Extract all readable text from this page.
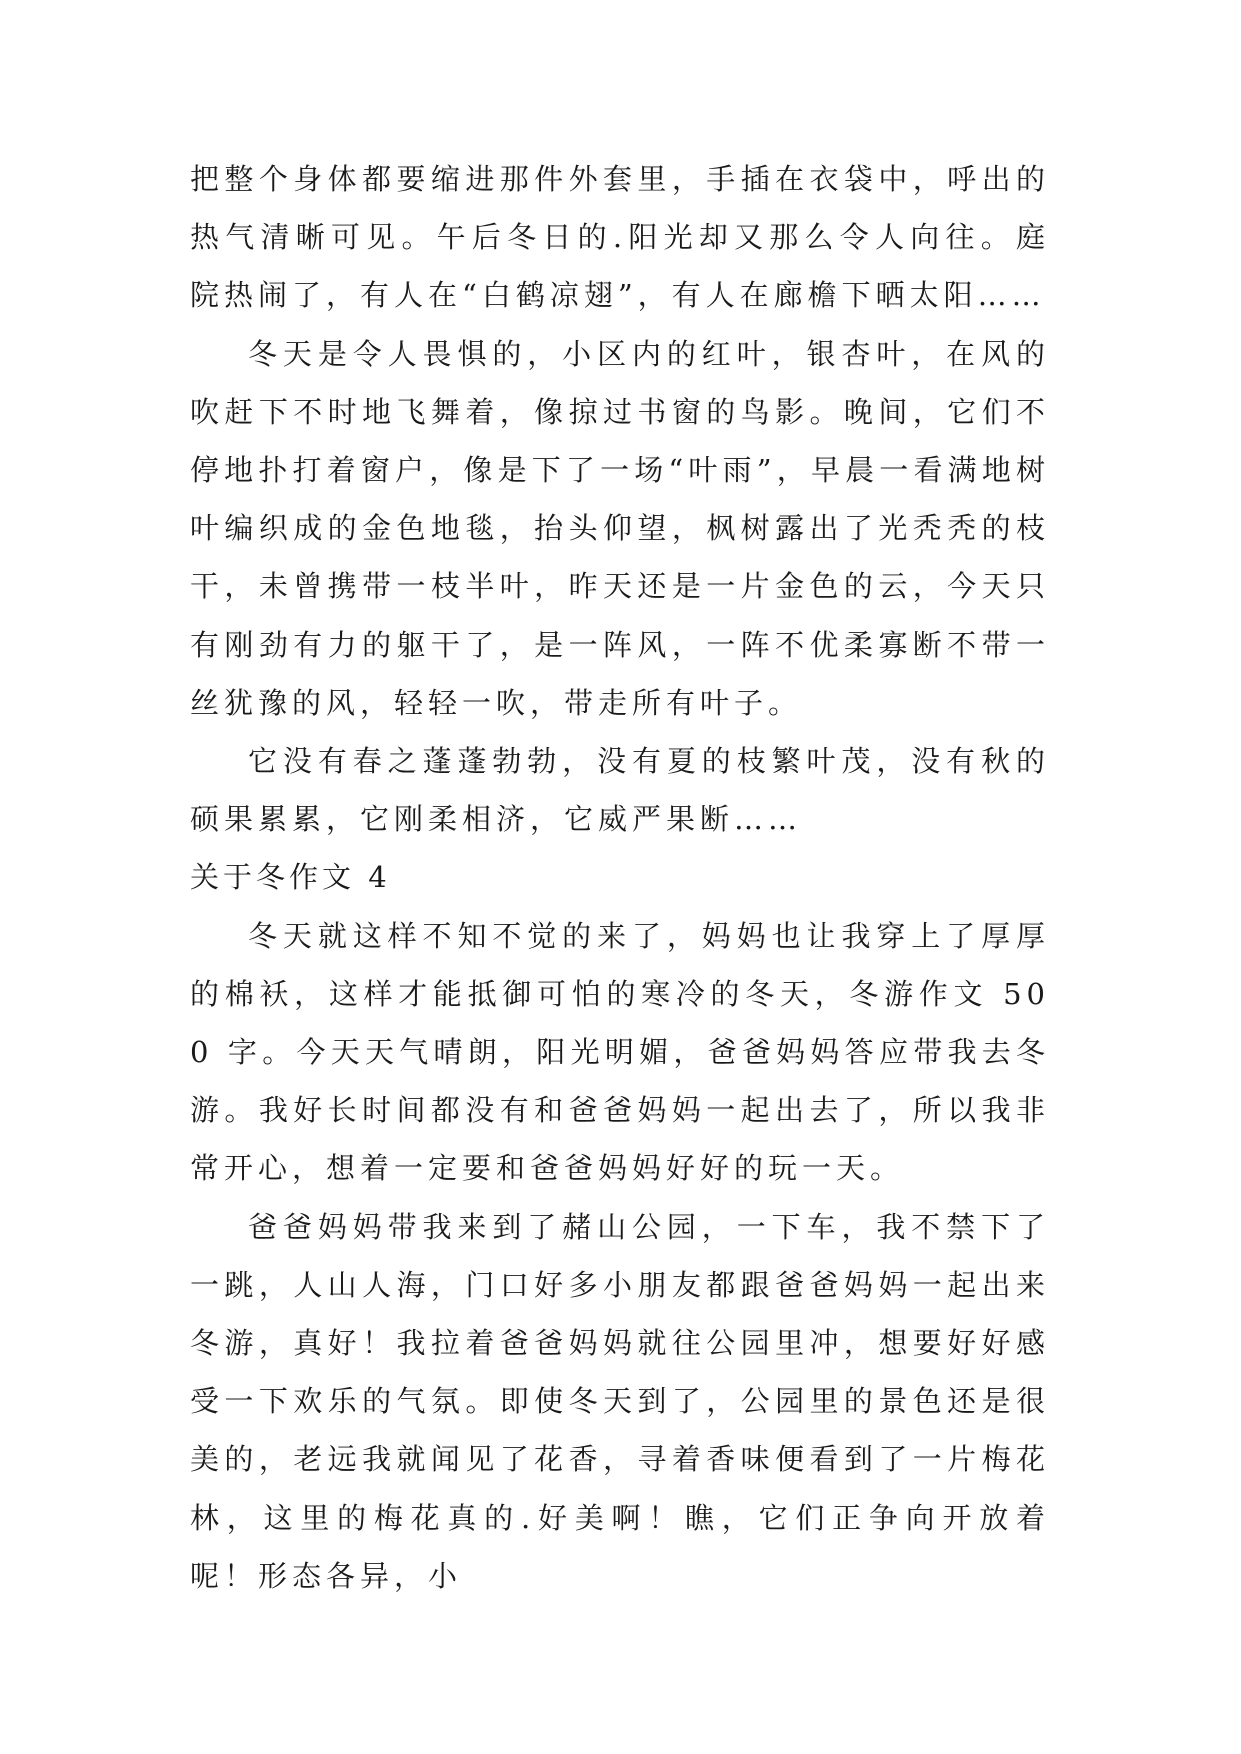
把整个身体都要缩进那件外套里，手插在衣袋中，呼出的热气清晰可见。午后冬日的.阳光却又那么令人向往。庭院热闹了，有人在“白鹤凉翅”，有人在廊檐下晒太阳……

冬天是令人畏惧的，小区内的红叶，银杏叶，在风的吹赶下不时地飞舞着，像掠过书窗的鸟影。晚间，它们不停地扑打着窗户，像是下了一场“叶雨”，早晨一看满地树叶编织成的金色地毯，抬头仰望，枫树露出了光秃秃的枝干，未曾携带一枝半叶，昨天还是一片金色的云，今天只有刚劲有力的躯干了，是一阵风，一阵不优柔寡断不带一丝犹豫的风，轻轻一吹，带走所有叶子。

它没有春之蓬蓬勃勃，没有夏的枝繁叶茂，没有秋的硕果累累，它刚柔相济，它威严果断……

关于冬作文 4

冬天就这样不知不觉的来了，妈妈也让我穿上了厚厚的棉袄，这样才能抵御可怕的寒冷的冬天，冬游作文 500 字。今天天气晴朗，阳光明媚，爸爸妈妈答应带我去冬游。我好长时间都没有和爸爸妈妈一起出去了，所以我非常开心，想着一定要和爸爸妈妈好好的玩一天。

爸爸妈妈带我来到了赭山公园，一下车，我不禁下了一跳，人山人海，门口好多小朋友都跟爸爸妈妈一起出来冬游，真好！我拉着爸爸妈妈就往公园里冲，想要好好感受一下欢乐的气氛。即使冬天到了，公园里的景色还是很美的，老远我就闻见了花香，寻着香味便看到了一片梅花林，这里的梅花真的.好美啊！瞧，它们正争向开放着呢！形态各异，小
